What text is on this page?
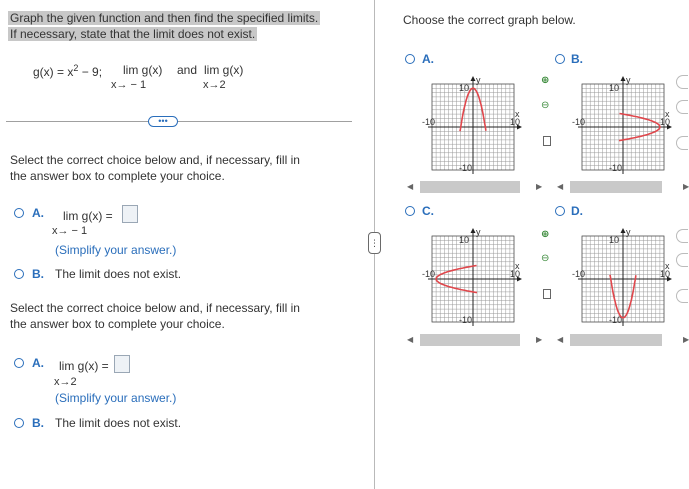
Graph the given function and then find the specified limits.
If necessary, state that the limit does not exist.
$g(x) = x^2 - 9$; lim g(x)
x→ − 1
and lim g(x)
x→2
•••
Select the correct choice below and, if necessary, fill in
the answer box to complete your choice.
A. lim g(x) =
x→ − 1
(Simplify your answer.)
B. The limit does not exist.
Select the correct choice below and, if necessary, fill in
the answer box to complete your choice.
A. lim g(x) =
x→2
(Simplify your answer.)
B. The limit does not exist.
⋮
Choose the correct graph below.
A.
10
-10
-10	10
y
x
◀	▶
B.
10
-10
-10	10
y
x
◀	▶
C.
10
-10
-10	10
y
x
◀	▶
D.
10
-10
-10	10
y
x
◀	▶
⊕
⊖
⊕
⊖
